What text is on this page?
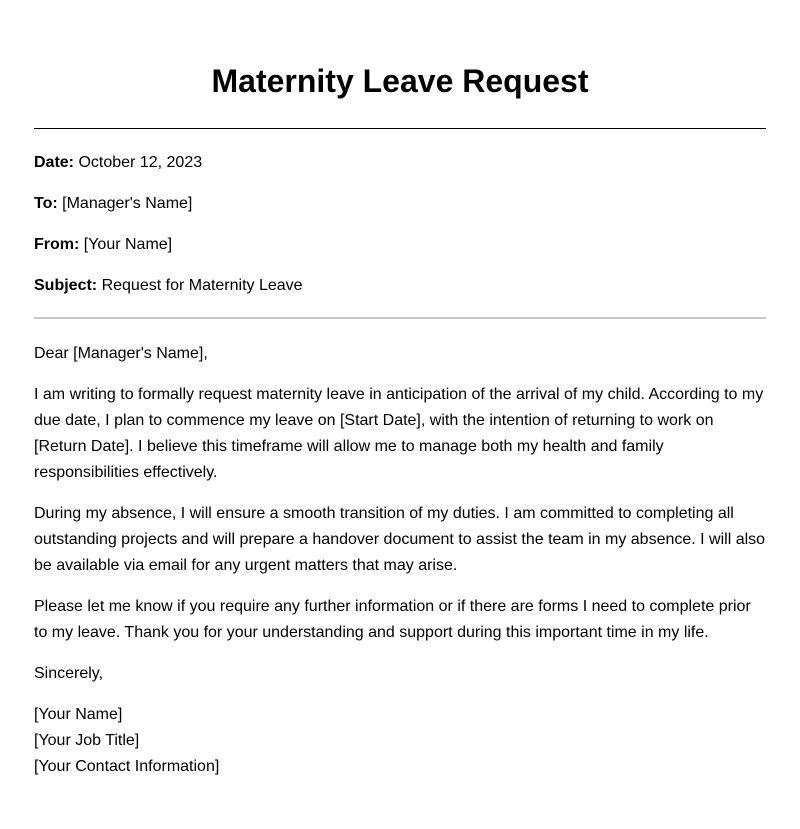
Maternity Leave Request

Date: October 12, 2023

To: [Manager's Name]

From: [Your Name]

Subject: Request for Maternity Leave

Dear [Manager's Name],

I am writing to formally request maternity leave in anticipation of the arrival of my child. According to my due date, I plan to commence my leave on [Start Date], with the intention of returning to work on [Return Date]. I believe this timeframe will allow me to manage both my health and family responsibilities effectively.

During my absence, I will ensure a smooth transition of my duties. I am committed to completing all outstanding projects and will prepare a handover document to assist the team in my absence. I will also be available via email for any urgent matters that may arise.

Please let me know if you require any further information or if there are forms I need to complete prior to my leave. Thank you for your understanding and support during this important time in my life.

Sincerely,

[Your Name]
[Your Job Title]
[Your Contact Information]
